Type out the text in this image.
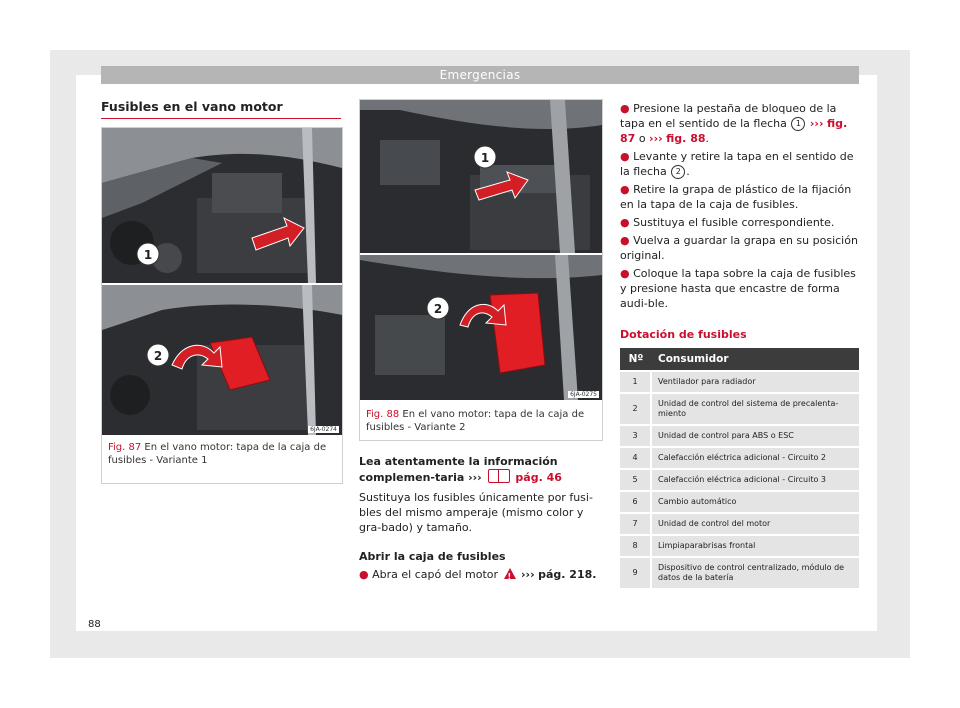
Emergencias
Fusibles en el vano motor
1
2
6JA-0274
Fig. 87 En el vano motor: tapa de la caja de fusibles - Variante 1
1
2
6JA-0275
Fig. 88 En el vano motor: tapa de la caja de fusibles - Variante 2
Lea atentamente la información complemen-taria ›››	pág. 46
Sustituya los fusibles únicamente por fusi-bles del mismo amperaje (mismo color y gra-bado) y tamaño.
Abrir la caja de fusibles
● Abra el capó del motor ! ››› pág. 218.
● Presione la pestaña de bloqueo de la tapa en el sentido de la flecha 1 ››› fig. 87 o ››› fig. 88.
● Levante y retire la tapa en el sentido de la flecha 2 .
● Retire la grapa de plástico de la fijación en la tapa de la caja de fusibles.
● Sustituya el fusible correspondiente.
● Vuelva a guardar la grapa en su posición original.
● Coloque la tapa sobre la caja de fusibles y presione hasta que encastre de forma audi-ble.
Dotación de fusibles
Nº	Consumidor
1	Ventilador para radiador
2	Unidad de control del sistema de precalenta-miento
3	Unidad de control para ABS o ESC
4	Calefacción eléctrica adicional - Circuito 2
5	Calefacción eléctrica adicional - Circuito 3
6	Cambio automático
7	Unidad de control del motor
8	Limpiaparabrisas frontal
9	Dispositivo de control centralizado, módulo de datos de la batería
88
